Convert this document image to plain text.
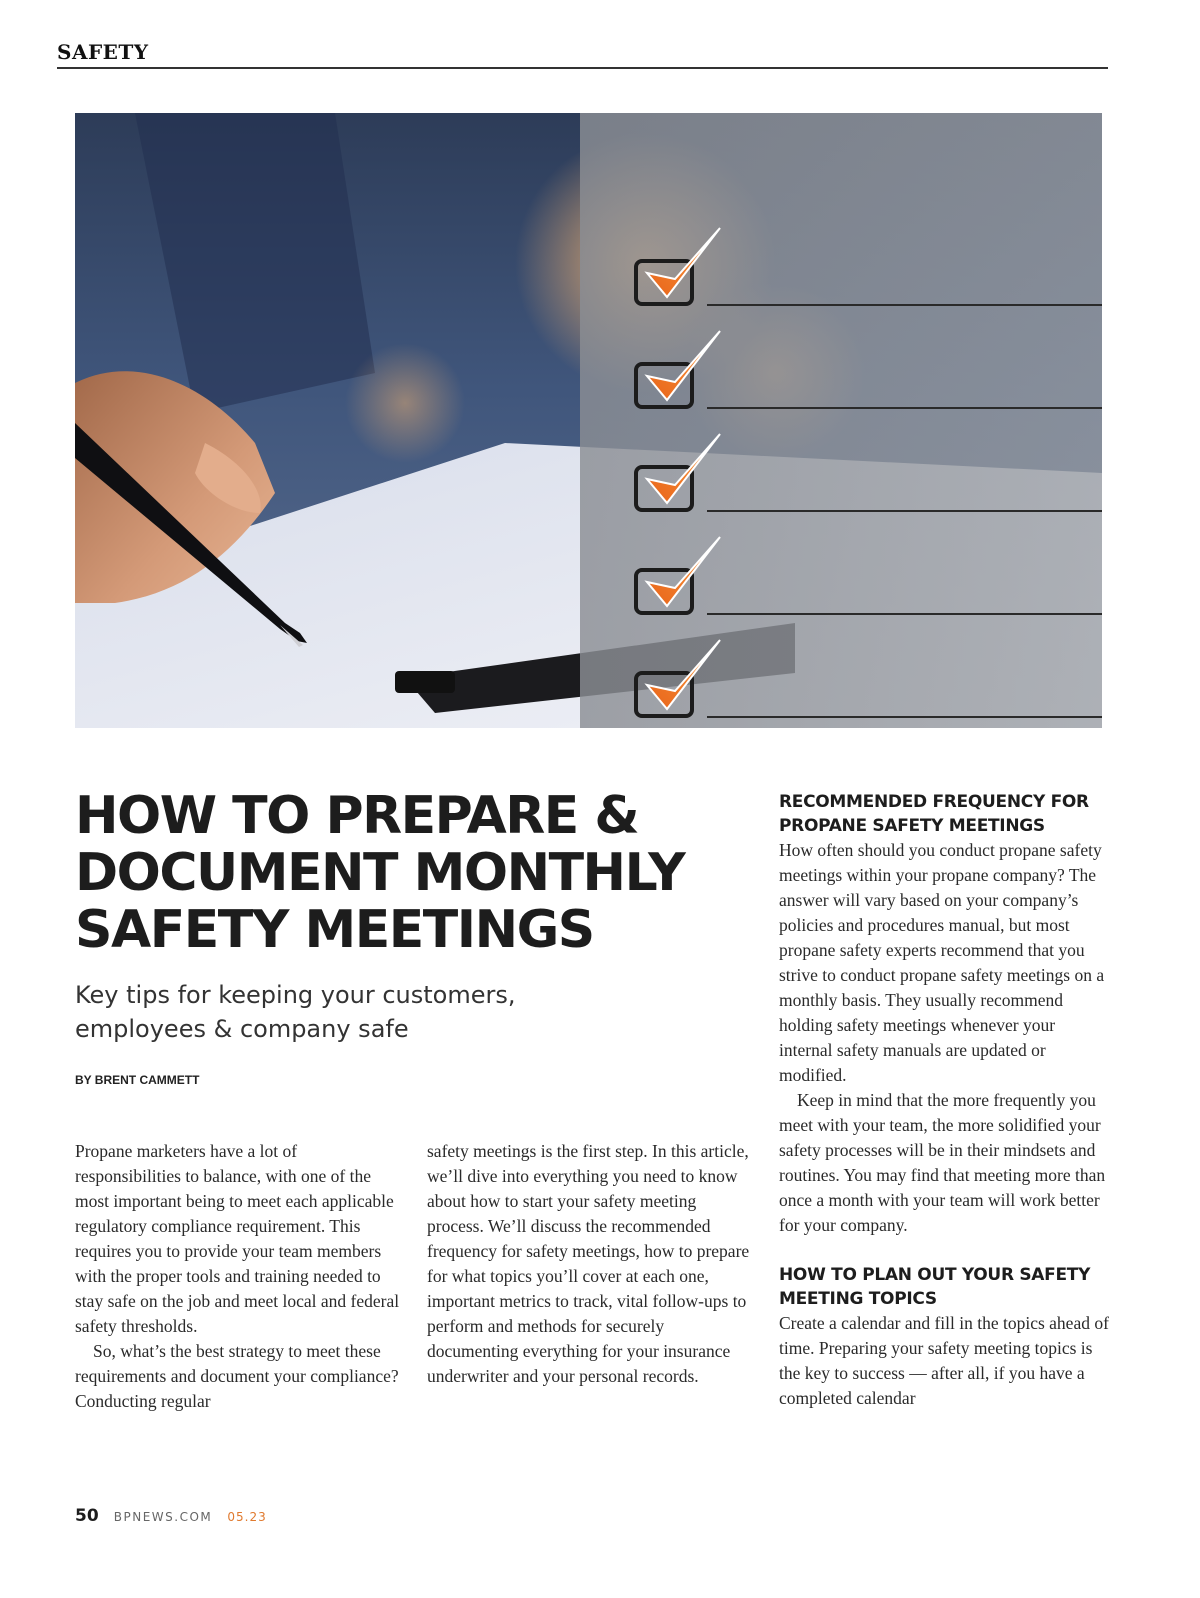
SAFETY
HOW TO PREPARE &
DOCUMENT MONTHLY
SAFETY MEETINGS
Key tips for keeping your customers,
employees & company safe
BY BRENT CAMMETT

Propane marketers have a lot of responsibilities to balance, with one of the most important being to meet each applicable regulatory compliance requirement. This requires you to provide your team members with the proper tools and training needed to stay safe on the job and meet local and federal safety thresholds.

So, what’s the best strategy to meet these requirements and document your compliance? Conducting regular

safety meetings is the first step. In this article, we’ll dive into everything you need to know about how to start your safety meeting process. We’ll discuss the recommended frequency for safety meetings, how to prepare for what topics you’ll cover at each one, important metrics to track, vital follow-ups to perform and methods for securely documenting everything for your insurance underwriter and your personal records.

RECOMMENDED FREQUENCY FOR PROPANE SAFETY MEETINGS

How often should you conduct propane safety meetings within your propane company? The answer will vary based on your company’s policies and procedures manual, but most propane safety experts recommend that you strive to conduct propane safety meetings on a monthly basis. They usually recommend holding safety meetings whenever your internal safety manuals are updated or modified.

Keep in mind that the more frequently you meet with your team, the more solidified your safety processes will be in their mindsets and routines. You may find that meeting more than once a month with your team will work better for your company.

HOW TO PLAN OUT YOUR SAFETY MEETING TOPICS

Create a calendar and fill in the topics ahead of time. Preparing your safety meeting topics is the key to success — after all, if you have a completed calendar

50 BPNEWS.COM 05.23
